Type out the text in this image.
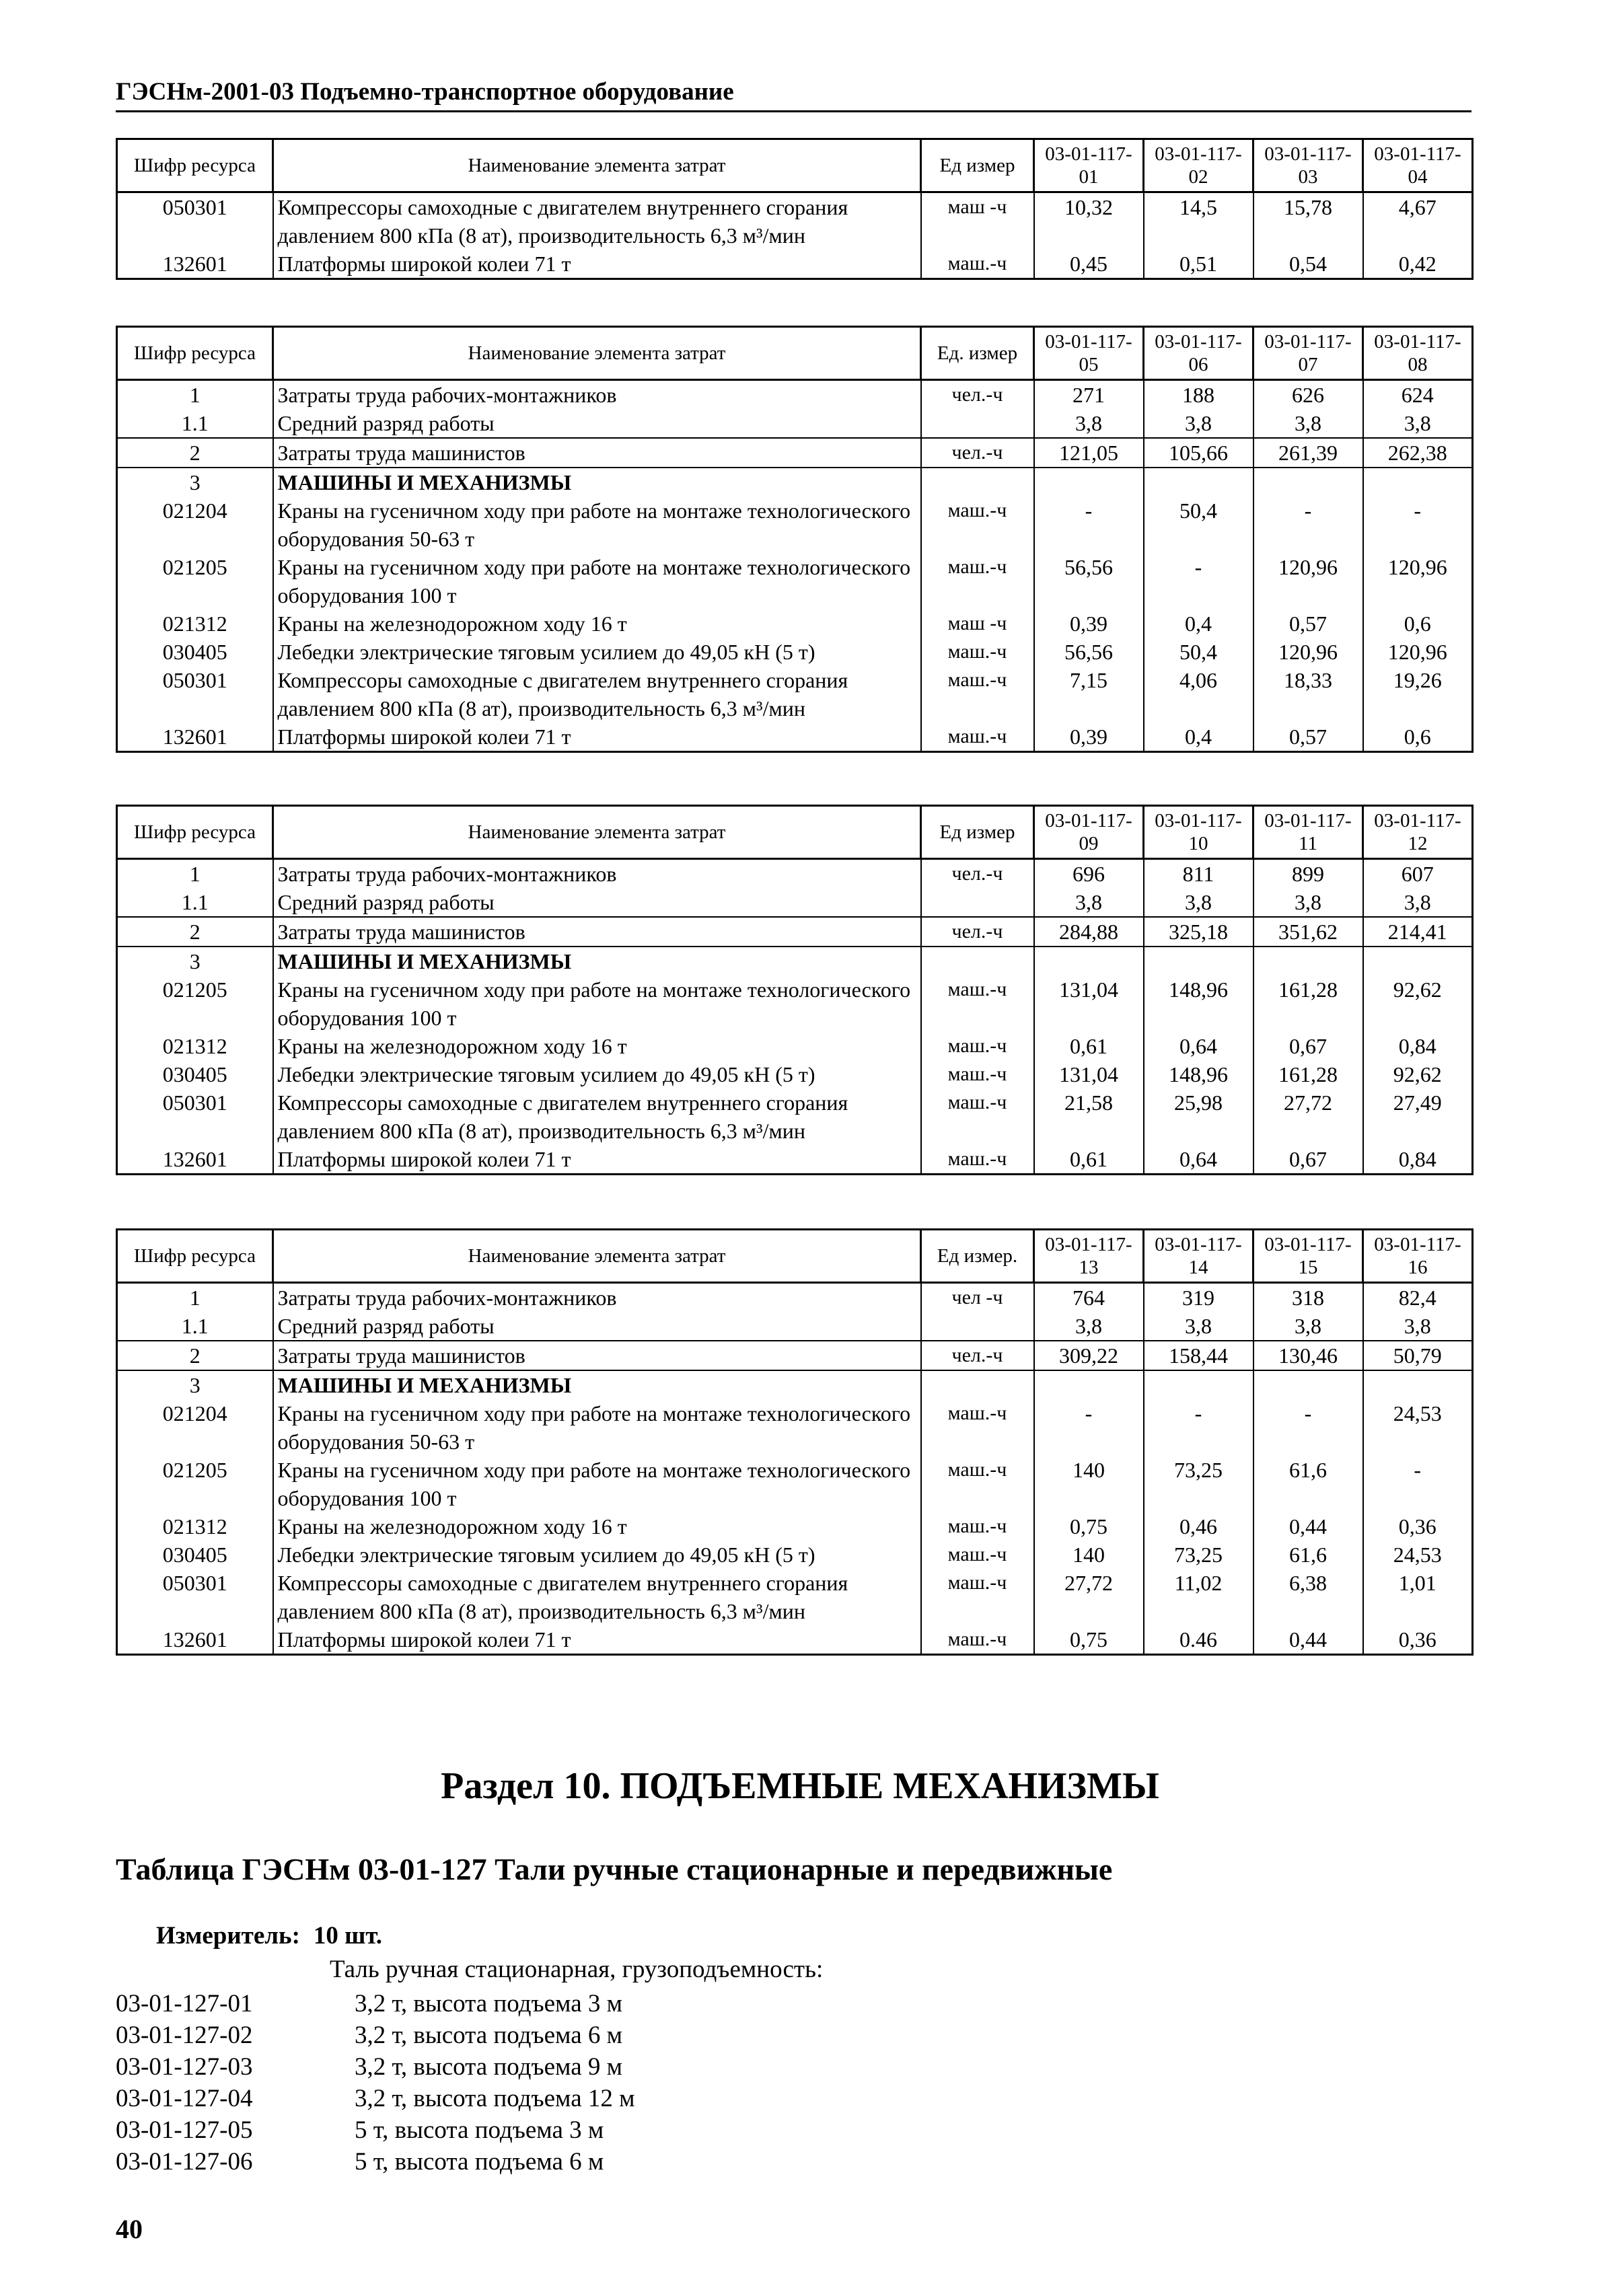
ГЭСНм-2001-03 Подъемно-транспортное оборудование
Шифр ресурса	Наименование элемента затрат	Ед измер	03-01-117-01	03-01-117-02	03-01-117-03	03-01-117-04
050301	Компрессоры самоходные с двигателем внутреннего сгорания давлением 800 кПа (8 ат), производительность 6,3 м³/мин	маш -ч	10,32	14,5	15,78	4,67
132601	Платформы широкой колеи 71 т	маш.-ч	0,45	0,51	0,54	0,42
Шифр ресурса	Наименование элемента затрат	Ед. измер	03-01-117-05	03-01-117-06	03-01-117-07	03-01-117-08
1	Затраты труда рабочих-монтажников	чел.-ч	271	188	626	624
1.1	Средний разряд работы		3,8	3,8	3,8	3,8
2	Затраты труда машинистов	чел.-ч	121,05	105,66	261,39	262,38
3	МАШИНЫ И МЕХАНИЗМЫ					
021204	Краны на гусеничном ходу при работе на монтаже технологического оборудования 50-63 т	маш.-ч	-	50,4	-	-
021205	Краны на гусеничном ходу при работе на монтаже технологического оборудования 100 т	маш.-ч	56,56	-	120,96	120,96
021312	Краны на железнодорожном ходу 16 т	маш -ч	0,39	0,4	0,57	0,6
030405	Лебедки электрические тяговым усилием до 49,05 кН (5 т)	маш.-ч	56,56	50,4	120,96	120,96
050301	Компрессоры самоходные с двигателем внутреннего сгорания давлением 800 кПа (8 ат), производительность 6,3 м³/мин	маш.-ч	7,15	4,06	18,33	19,26
132601	Платформы широкой колеи 71 т	маш.-ч	0,39	0,4	0,57	0,6
Шифр ресурса	Наименование элемента затрат	Ед измер	03-01-117-09	03-01-117-10	03-01-117-11	03-01-117-12
1	Затраты труда рабочих-монтажников	чел.-ч	696	811	899	607
1.1	Средний разряд работы		3,8	3,8	3,8	3,8
2	Затраты труда машинистов	чел.-ч	284,88	325,18	351,62	214,41
3	МАШИНЫ И МЕХАНИЗМЫ					
021205	Краны на гусеничном ходу при работе на монтаже технологического оборудования 100 т	маш.-ч	131,04	148,96	161,28	92,62
021312	Краны на железнодорожном ходу 16 т	маш.-ч	0,61	0,64	0,67	0,84
030405	Лебедки электрические тяговым усилием до 49,05 кН (5 т)	маш.-ч	131,04	148,96	161,28	92,62
050301	Компрессоры самоходные с двигателем внутреннего сгорания давлением 800 кПа (8 ат), производительность 6,3 м³/мин	маш.-ч	21,58	25,98	27,72	27,49
132601	Платформы широкой колеи 71 т	маш.-ч	0,61	0,64	0,67	0,84
Шифр ресурса	Наименование элемента затрат	Ед измер.	03-01-117-13	03-01-117-14	03-01-117-15	03-01-117-16
1	Затраты труда рабочих-монтажников	чел -ч	764	319	318	82,4
1.1	Средний разряд работы		3,8	3,8	3,8	3,8
2	Затраты труда машинистов	чел.-ч	309,22	158,44	130,46	50,79
3	МАШИНЫ И МЕХАНИЗМЫ					
021204	Краны на гусеничном ходу при работе на монтаже технологического оборудования 50-63 т	маш.-ч	-	-	-	24,53
021205	Краны на гусеничном ходу при работе на монтаже технологического оборудования 100 т	маш.-ч	140	73,25	61,6	-
021312	Краны на железнодорожном ходу 16 т	маш.-ч	0,75	0,46	0,44	0,36
030405	Лебедки электрические тяговым усилием до 49,05 кН (5 т)	маш.-ч	140	73,25	61,6	24,53
050301	Компрессоры самоходные с двигателем внутреннего сгорания давлением 800 кПа (8 ат), производительность 6,3 м³/мин	маш.-ч	27,72	11,02	6,38	1,01
132601	Платформы широкой колеи 71 т	маш.-ч	0,75	0.46	0,44	0,36
Раздел 10. ПОДЪЕМНЫЕ МЕХАНИЗМЫ
Таблица ГЭСНм 03-01-127 Тали ручные стационарные и передвижные
Измеритель: 10 шт.
Таль ручная стационарная, грузоподъемность:
03-01-127-01	3,2 т, высота подъема 3 м
03-01-127-02	3,2 т, высота подъема 6 м
03-01-127-03	3,2 т, высота подъема 9 м
03-01-127-04	3,2 т, высота подъема 12 м
03-01-127-05	5 т, высота подъема 3 м
03-01-127-06	5 т, высота подъема 6 м
40
